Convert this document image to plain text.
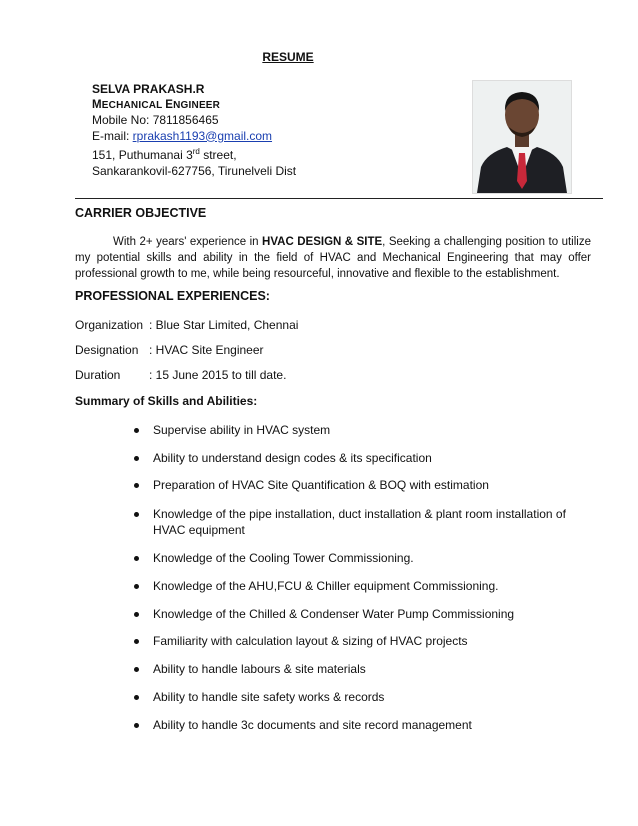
RESUME
SELVA PRAKASH.R
MECHANICAL ENGINEER
Mobile No: 7811856465
E-mail: rprakash1193@gmail.com
151, Puthumanai 3rd street,
Sankarankovil-627756, Tirunelveli Dist
CARRIER OBJECTIVE
With 2+ years' experience in HVAC DESIGN & SITE, Seeking a challenging position to utilize my potential skills and ability in the field of HVAC and Mechanical Engineering that may offer professional growth to me, while being resourceful, innovative and flexible to the establishment.
PROFESSIONAL EXPERIENCES:
Organization : Blue Star Limited, Chennai
Designation : HVAC Site Engineer
Duration : 15 June 2015 to till date.
Summary of Skills and Abilities:
Supervise ability in HVAC system
Ability to understand design codes & its specification
Preparation of HVAC Site Quantification & BOQ with estimation
Knowledge of the pipe installation, duct installation & plant room installation of HVAC equipment
Knowledge of the Cooling Tower Commissioning.
Knowledge of the AHU,FCU & Chiller equipment Commissioning.
Knowledge of the Chilled & Condenser Water Pump Commissioning
Familiarity with calculation layout & sizing of HVAC projects
Ability to handle labours & site materials
Ability to handle site safety works & records
Ability to handle 3c documents and site record management
